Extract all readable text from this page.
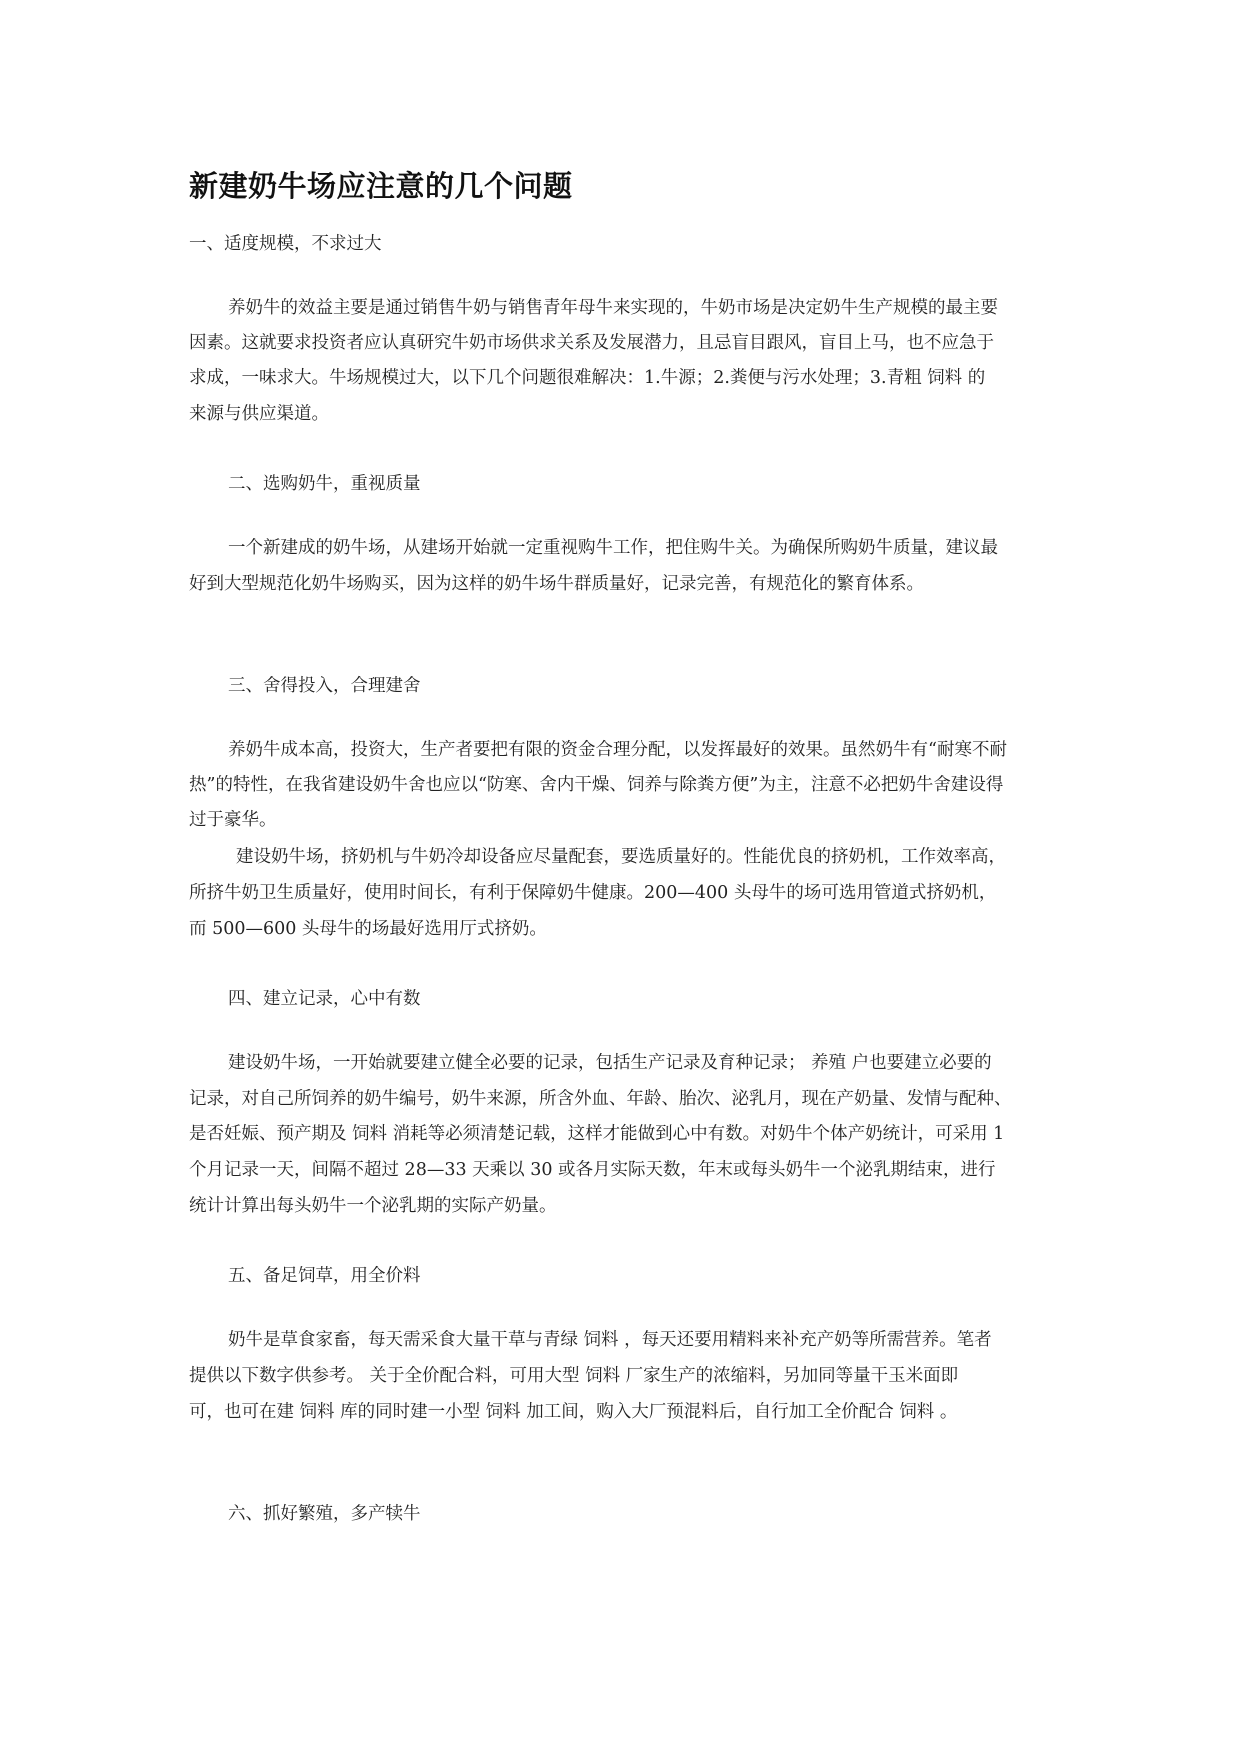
新建奶牛场应注意的几个问题

一、适度规模，不求过大

养奶牛的效益主要是通过销售牛奶与销售青年母牛来实现的，牛奶市场是决定奶牛生产规模的最主要

因素。这就要求投资者应认真研究牛奶市场供求关系及发展潜力，且忌盲目跟风，盲目上马，也不应急于

求成，一味求大。牛场规模过大，以下几个问题很难解决：1.牛源；2.粪便与污水处理；3.青粗 饲料 的

来源与供应渠道。

二、选购奶牛，重视质量

一个新建成的奶牛场，从建场开始就一定重视购牛工作，把住购牛关。为确保所购奶牛质量，建议最

好到大型规范化奶牛场购买，因为这样的奶牛场牛群质量好，记录完善，有规范化的繁育体系。

三、舍得投入，合理建舍

养奶牛成本高，投资大，生产者要把有限的资金合理分配，以发挥最好的效果。虽然奶牛有“耐寒不耐

热”的特性，在我省建设奶牛舍也应以“防寒、舍内干燥、饲养与除粪方便”为主，注意不必把奶牛舍建设得

过于豪华。

建设奶牛场，挤奶机与牛奶冷却设备应尽量配套，要选质量好的。性能优良的挤奶机，工作效率高，

所挤牛奶卫生质量好，使用时间长，有利于保障奶牛健康。200—400 头母牛的场可选用管道式挤奶机，

而 500—600 头母牛的场最好选用厅式挤奶。

四、建立记录，心中有数

建设奶牛场，一开始就要建立健全必要的记录，包括生产记录及育种记录； 养殖 户也要建立必要的

记录，对自己所饲养的奶牛编号，奶牛来源，所含外血、年龄、胎次、泌乳月，现在产奶量、发情与配种、

是否妊娠、预产期及 饲料 消耗等必须清楚记载，这样才能做到心中有数。对奶牛个体产奶统计，可采用 1

个月记录一天，间隔不超过 28—33 天乘以 30 或各月实际天数，年末或每头奶牛一个泌乳期结束，进行

统计计算出每头奶牛一个泌乳期的实际产奶量。

五、备足饲草，用全价料

奶牛是草食家畜，每天需采食大量干草与青绿 饲料 ，每天还要用精料来补充产奶等所需营养。笔者

提供以下数字供参考。 关于全价配合料，可用大型 饲料 厂家生产的浓缩料，另加同等量干玉米面即

可，也可在建 饲料 库的同时建一小型 饲料 加工间，购入大厂预混料后，自行加工全价配合 饲料 。

六、抓好繁殖，多产犊牛
